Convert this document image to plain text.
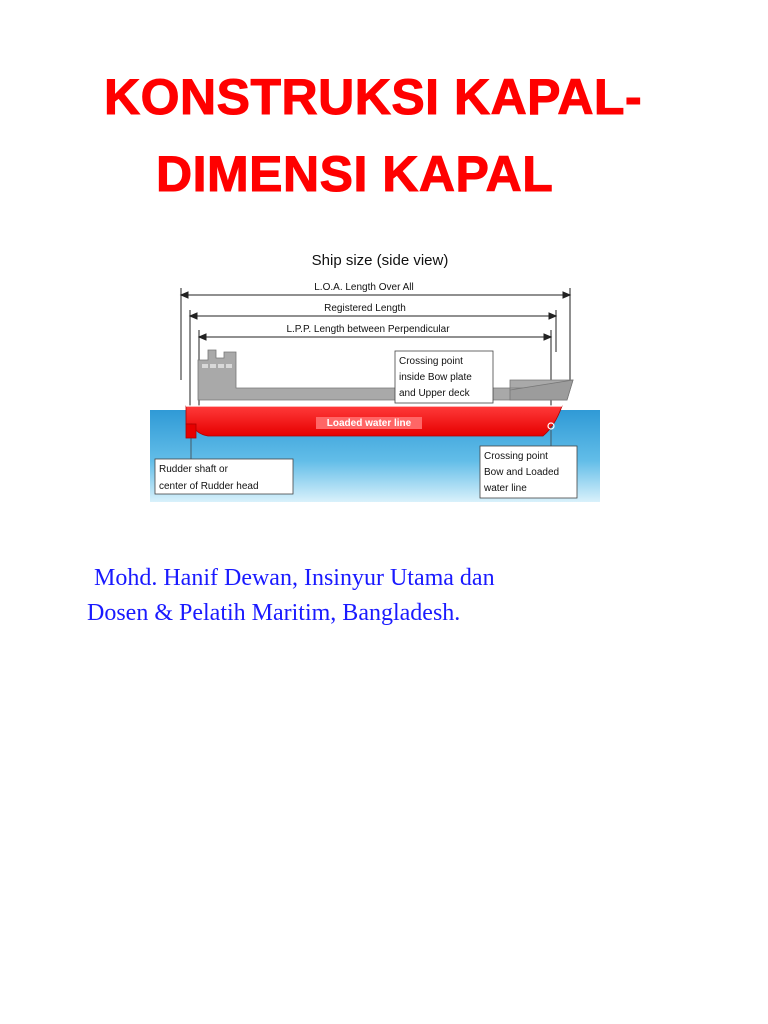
KONSTRUKSI KAPAL-
DIMENSI KAPAL
Ship size (side view)
L.O.A. Length Over All
Registered Length
L.P.P. Length between Perpendicular
Loaded water line
Crossing point inside Bow plate and Upper deck
Rudder shaft or center of Rudder head
Crossing point Bow and Loaded water line
Mohd. Hanif Dewan, Insinyur Utama dan
Dosen & Pelatih Maritim, Bangladesh.
